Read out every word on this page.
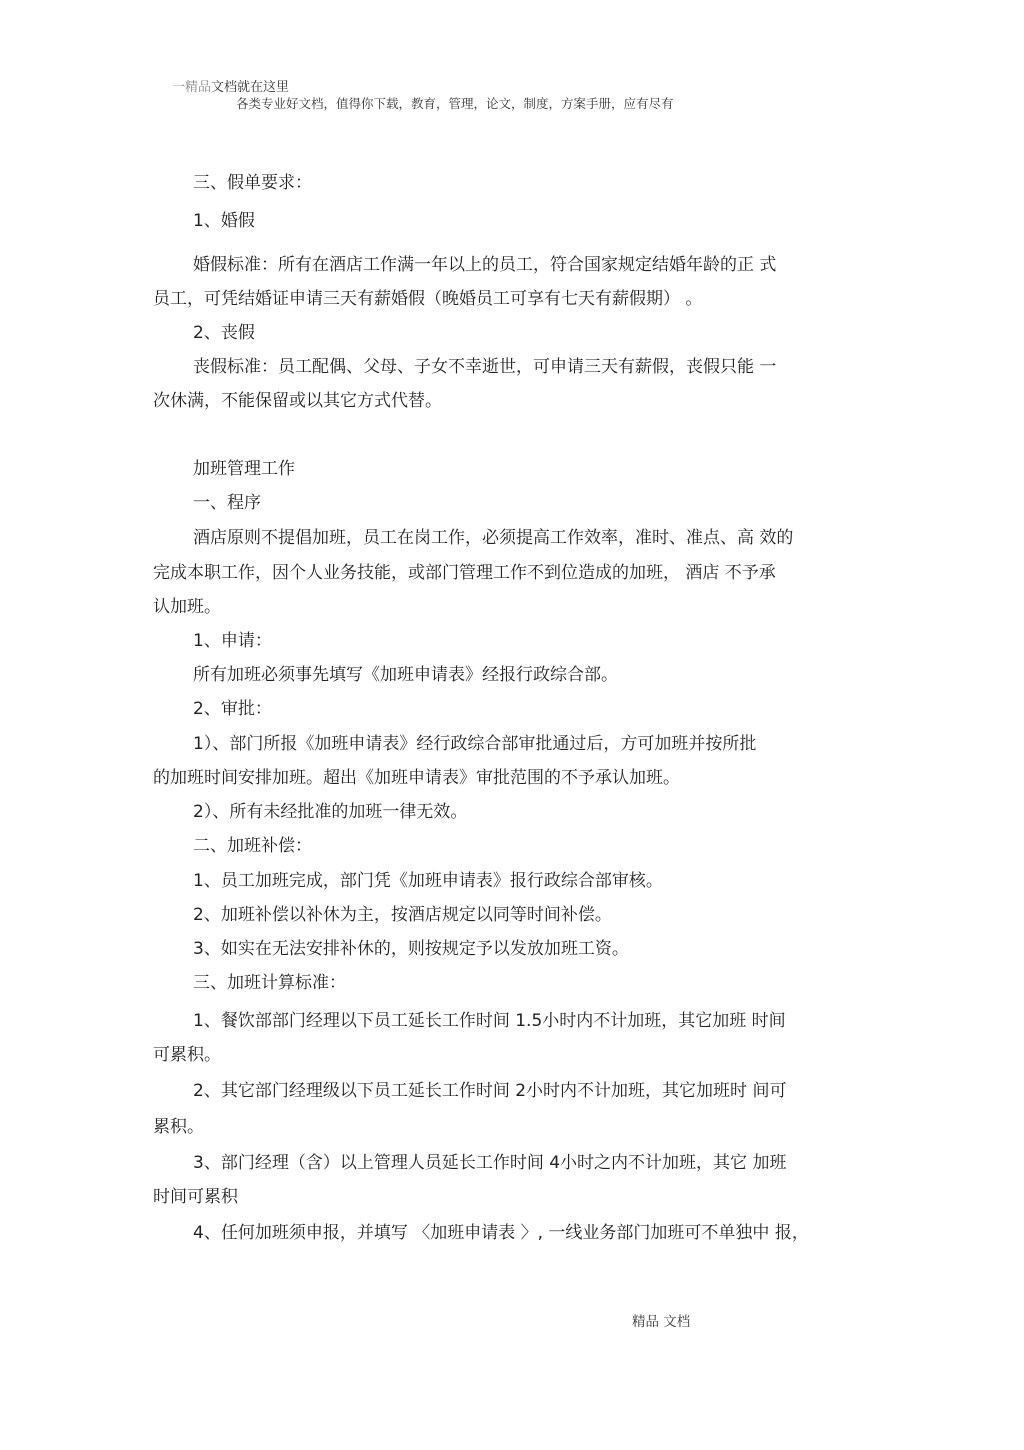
一精品文档就在这里
各类专业好文档，值得你下载，教育，管理，论文，制度，方案手册，应有尽有
三、假单要求：
1、婚假
婚假标准：所有在酒店工作满一年以上的员工，符合国家规定结婚年龄的正 式
员工，可凭结婚证申请三天有薪婚假（晚婚员工可享有七天有薪假期） 。
2、丧假
丧假标准：员工配偶、父母、子女不幸逝世，可申请三天有薪假，丧假只能 一
次休满，不能保留或以其它方式代替。
加班管理工作
一、程序
酒店原则不提倡加班，员工在岗工作，必须提高工作效率，准时、准点、高 效的
完成本职工作，因个人业务技能，或部门管理工作不到位造成的加班， 酒店 不予承
认加班。
1、申请：
所有加班必须事先填写《加班申请表》经报行政综合部。
2、审批：
1）、部门所报《加班申请表》经行政综合部审批通过后，方可加班并按所批
的加班时间安排加班。超出《加班申请表》审批范围的不予承认加班。
2）、所有未经批准的加班一律无效。
二、加班补偿：
1、员工加班完成，部门凭《加班申请表》报行政综合部审核。
2、加班补偿以补休为主，按酒店规定以同等时间补偿。
3、如实在无法安排补休的，则按规定予以发放加班工资。
三、加班计算标准：
1、餐饮部部门经理以下员工延长工作时间 1.5小时内不计加班，其它加班 时间
可累积。
2、其它部门经理级以下员工延长工作时间 2小时内不计加班，其它加班时 间可
累积。
3、部门经理（含）以上管理人员延长工作时间 4小时之内不计加班，其它 加班
时间可累积
4、任何加班须申报，并填写 〈加班申请表 〉, 一线业务部门加班可不单独中 报，
精品 文档
